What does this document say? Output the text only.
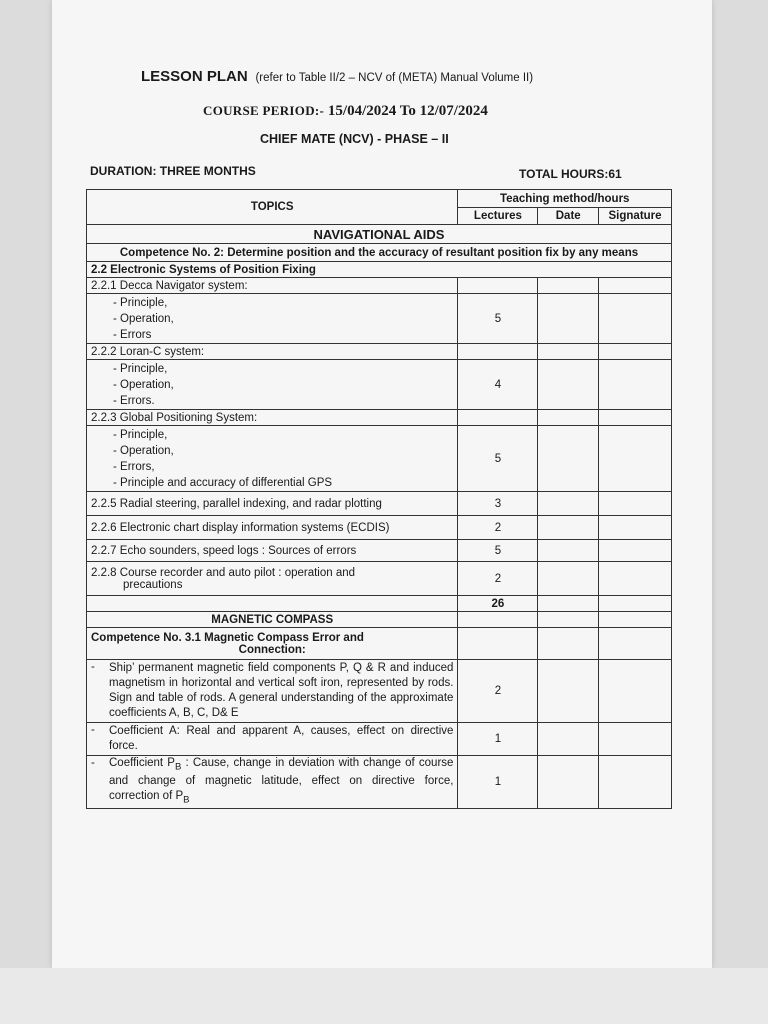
LESSON PLAN (refer to Table II/2 – NCV of (META) Manual Volume II)
COURSE PERIOD:- 15/04/2024 To 12/07/2024
CHIEF MATE (NCV) - PHASE – II
DURATION: THREE MONTHS	TOTAL HOURS:61
TOPICS	Teaching method/hours		
	Lectures	Date	Signature
NAVIGATIONAL AIDS			
Competence No. 2: Determine position and the accuracy of resultant position fix by any means			
2.2 Electronic Systems of Position Fixing			
2.2.1 Decca Navigator system:			

- Principle,
- Operation,
- Errors	5		
2.2.2 Loran-C system:			

- Principle,
- Operation,
- Errors.	4		
2.2.3 Global Positioning System:			

- Principle,
- Operation,
- Errors,
- Principle and accuracy of differential GPS	5		
2.2.5 Radial steering, parallel indexing, and radar plotting	3		
2.2.6 Electronic chart display information systems (ECDIS)	2		
2.2.7 Echo sounders, speed logs : Sources of errors	5		

2.2.8 Course recorder and auto pilot : operation and
precautions	2		
	26		
MAGNETIC COMPASS			

Competence No. 3.1 Magnetic Compass Error and
Connection:			

- Ship’ permanent magnetic field components P, Q & R and induced magnetism in horizontal and vertical soft iron, represented by rods. Sign and table of rods. A general understanding of the approximate coefficients A, B, C, D& E	2		

- Coefficient A: Real and apparent A, causes, effect on directive force.	1		

- Coefficient $P_B$ : Cause, change in deviation with change of course and change of magnetic latitude, effect on directive force, correction of $P_B$	1		
